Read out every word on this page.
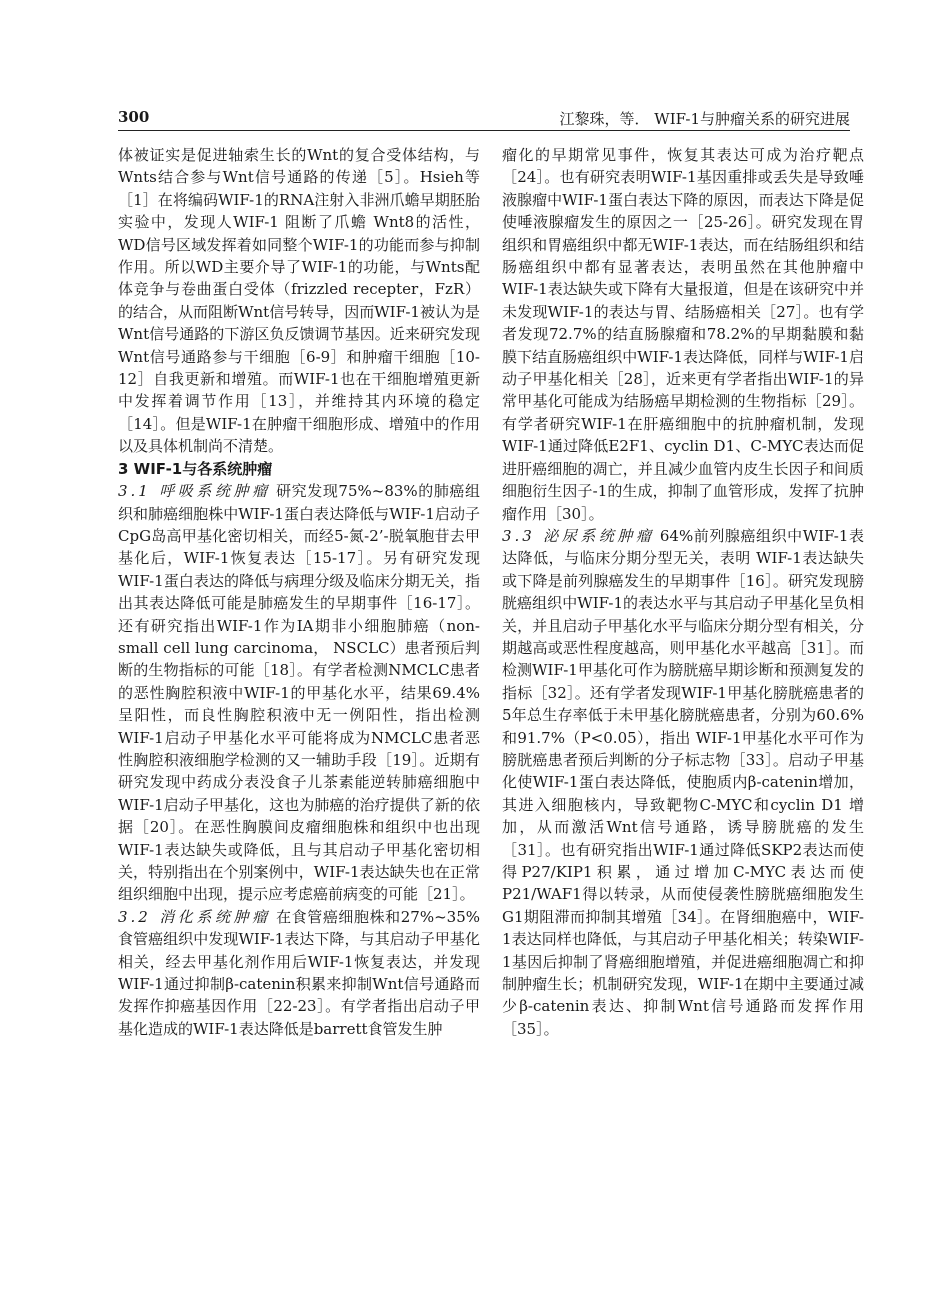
300	江黎珠，等． WIF-1与肿瘤关系的研究进展

体被证实是促进轴索生长的Wnt的复合受体结构，与Wnts结合参与Wnt信号通路的传递［5］。Hsieh等［1］在将编码WIF-1的RNA注射入非洲爪蟾早期胚胎实验中，发现人WIF-1 阻断了爪蟾 Wnt8的活性，WD信号区域发挥着如同整个WIF-1的功能而参与抑制作用。所以WD主要介导了WIF-1的功能，与Wnts配体竞争与卷曲蛋白受体（frizzled recepter，FzR）的结合，从而阻断Wnt信号转导，因而WIF-1被认为是Wnt信号通路的下游区负反馈调节基因。近来研究发现Wnt信号通路参与干细胞［6-9］和肿瘤干细胞［10-12］自我更新和增殖。而WIF-1也在干细胞增殖更新中发挥着调节作用［13］，并维持其内环境的稳定［14］。但是WIF-1在肿瘤干细胞形成、增殖中的作用以及具体机制尚不清楚。

3 WIF-1与各系统肿瘤

3.1 呼吸系统肿瘤 研究发现75%~83%的肺癌组织和肺癌细胞株中WIF-1蛋白表达降低与WIF-1启动子CpG岛高甲基化密切相关，而经5-氮-2’-脱氧胞苷去甲基化后，WIF-1恢复表达［15-17］。另有研究发现WIF-1蛋白表达的降低与病理分级及临床分期无关，指出其表达降低可能是肺癌发生的早期事件［16-17］。还有研究指出WIF-1作为IA期非小细胞肺癌（non-small cell lung carcinoma， NSCLC）患者预后判断的生物指标的可能［18］。有学者检测NMCLC患者的恶性胸腔积液中WIF-1的甲基化水平，结果69.4%呈阳性，而良性胸腔积液中无一例阳性，指出检测WIF-1启动子甲基化水平可能将成为NMCLC患者恶性胸腔积液细胞学检测的又一辅助手段［19］。近期有研究发现中药成分表没食子儿茶素能逆转肺癌细胞中WIF-1启动子甲基化，这也为肺癌的治疗提供了新的依据［20］。在恶性胸膜间皮瘤细胞株和组织中也出现WIF-1表达缺失或降低，且与其启动子甲基化密切相关，特别指出在个别案例中，WIF-1表达缺失也在正常组织细胞中出现，提示应考虑癌前病变的可能［21］。

3.2 消化系统肿瘤 在食管癌细胞株和27%~35%食管癌组织中发现WIF-1表达下降，与其启动子甲基化相关，经去甲基化剂作用后WIF-1恢复表达，并发现WIF-1通过抑制β-catenin积累来抑制Wnt信号通路而发挥作抑癌基因作用［22-23］。有学者指出启动子甲基化造成的WIF-1表达降低是barrett食管发生肿

瘤化的早期常见事件，恢复其表达可成为治疗靶点［24］。也有研究表明WIF-1基因重排或丢失是导致唾液腺瘤中WIF-1蛋白表达下降的原因，而表达下降是促使唾液腺瘤发生的原因之一［25-26］。研究发现在胃组织和胃癌组织中都无WIF-1表达，而在结肠组织和结肠癌组织中都有显著表达，表明虽然在其他肿瘤中WIF-1表达缺失或下降有大量报道，但是在该研究中并未发现WIF-1的表达与胃、结肠癌相关［27］。也有学者发现72.7%的结直肠腺瘤和78.2%的早期黏膜和黏膜下结直肠癌组织中WIF-1表达降低，同样与WIF-1启动子甲基化相关［28］，近来更有学者指出WIF-1的异常甲基化可能成为结肠癌早期检测的生物指标［29］。有学者研究WIF-1在肝癌细胞中的抗肿瘤机制，发现WIF-1通过降低E2F1、cyclin D1、C-MYC表达而促进肝癌细胞的凋亡，并且减少血管内皮生长因子和间质细胞衍生因子-1的生成，抑制了血管形成，发挥了抗肿瘤作用［30］。

3.3 泌尿系统肿瘤 64%前列腺癌组织中WIF-1表达降低，与临床分期分型无关，表明 WIF-1表达缺失或下降是前列腺癌发生的早期事件［16］。研究发现膀胱癌组织中WIF-1的表达水平与其启动子甲基化呈负相关，并且启动子甲基化水平与临床分期分型有相关，分期越高或恶性程度越高，则甲基化水平越高［31］。而检测WIF-1甲基化可作为膀胱癌早期诊断和预测复发的指标［32］。还有学者发现WIF-1甲基化膀胱癌患者的5年总生存率低于未甲基化膀胱癌患者，分别为60.6%和91.7%（P<0.05），指出 WIF-1甲基化水平可作为膀胱癌患者预后判断的分子标志物［33］。启动子甲基化使WIF-1蛋白表达降低，使胞质内β-catenin增加，其进入细胞核内，导致靶物C-MYC和cyclin D1 增加，从而激活Wnt信号通路，诱导膀胱癌的发生［31］。也有研究指出WIF-1通过降低SKP2表达而使得P27/KIP1积累，通过增加C-MYC表达而使P21/WAF1得以转录，从而使侵袭性膀胱癌细胞发生G1期阻滞而抑制其增殖［34］。在肾细胞癌中，WIF-1表达同样也降低，与其启动子甲基化相关；转染WIF-1基因后抑制了肾癌细胞增殖，并促进癌细胞凋亡和抑制肿瘤生长；机制研究发现，WIF-1在期中主要通过减少β-catenin表达、抑制Wnt信号通路而发挥作用［35］。
